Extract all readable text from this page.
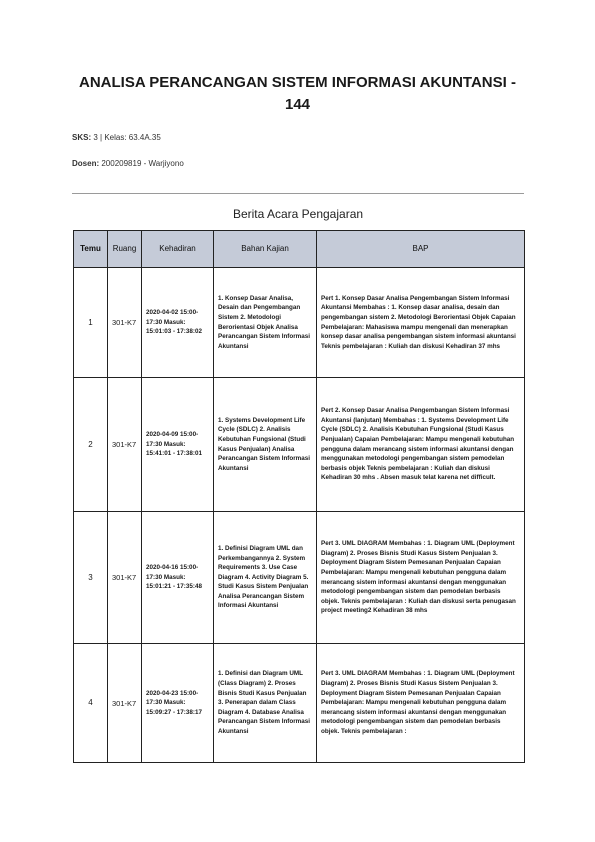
ANALISA PERANCANGAN SISTEM INFORMASI AKUNTANSI - 144
SKS: 3 | Kelas: 63.4A.35
Dosen: 200209819 - Warjiyono
Berita Acara Pengajaran
Temu	Ruang	Kehadiran	Bahan Kajian	BAP
1	301-K7	2020-04-02 15:00-17:30 Masuk: 15:01:03 - 17:38:02	1. Konsep Dasar Analisa, Desain dan Pengembangan Sistem 2. Metodologi Berorientasi Objek Analisa Perancangan Sistem Informasi Akuntansi	Pert 1. Konsep Dasar Analisa Pengembangan Sistem Informasi Akuntansi Membahas : 1. Konsep dasar analisa, desain dan pengembangan sistem 2. Metodologi Berorientasi Objek Capaian Pembelajaran: Mahasiswa mampu mengenali dan menerapkan konsep dasar analisa pengembangan sistem informasi akuntansi Teknis pembelajaran : Kuliah dan diskusi Kehadiran 37 mhs
2	301-K7	2020-04-09 15:00-17:30 Masuk: 15:41:01 - 17:38:01	1. Systems Development Life Cycle (SDLC) 2. Analisis Kebutuhan Fungsional (Studi Kasus Penjualan) Analisa Perancangan Sistem Informasi Akuntansi	Pert 2. Konsep Dasar Analisa Pengembangan Sistem Informasi Akuntansi (lanjutan) Membahas : 1. Systems Development Life Cycle (SDLC) 2. Analisis Kebutuhan Fungsional (Studi Kasus Penjualan) Capaian Pembelajaran: Mampu mengenali kebutuhan pengguna dalam merancang sistem informasi akuntansi dengan menggunakan metodologi pengembangan sistem pemodelan berbasis objek Teknis pembelajaran : Kuliah dan diskusi Kehadiran 30 mhs . Absen masuk telat karena net difficult.
3	301-K7	2020-04-16 15:00-17:30 Masuk: 15:01:21 - 17:35:48	1. Definisi Diagram UML dan Perkembangannya 2. System Requirements 3. Use Case Diagram 4. Activity Diagram 5. Studi Kasus Sistem Penjualan Analisa Perancangan Sistem Informasi Akuntansi	Pert 3. UML DIAGRAM Membahas : 1. Diagram UML (Deployment Diagram) 2. Proses Bisnis Studi Kasus Sistem Penjualan 3. Deployment Diagram Sistem Pemesanan Penjualan Capaian Pembelajaran: Mampu mengenali kebutuhan pengguna dalam merancang sistem informasi akuntansi dengan menggunakan metodologi pengembangan sistem dan pemodelan berbasis objek. Teknis pembelajaran : Kuliah dan diskusi serta penugasan project meeting2 Kehadiran 38 mhs
4	301-K7	2020-04-23 15:00-17:30 Masuk: 15:09:27 - 17:38:17	1. Definisi dan Diagram UML (Class Diagram) 2. Proses Bisnis Studi Kasus Penjualan 3. Penerapan dalam Class Diagram 4. Database Analisa Perancangan Sistem Informasi Akuntansi	Pert 3. UML DIAGRAM Membahas : 1. Diagram UML (Deployment Diagram) 2. Proses Bisnis Studi Kasus Sistem Penjualan 3. Deployment Diagram Sistem Pemesanan Penjualan Capaian Pembelajaran: Mampu mengenali kebutuhan pengguna dalam merancang sistem informasi akuntansi dengan menggunakan metodologi pengembangan sistem dan pemodelan berbasis objek. Teknis pembelajaran :
